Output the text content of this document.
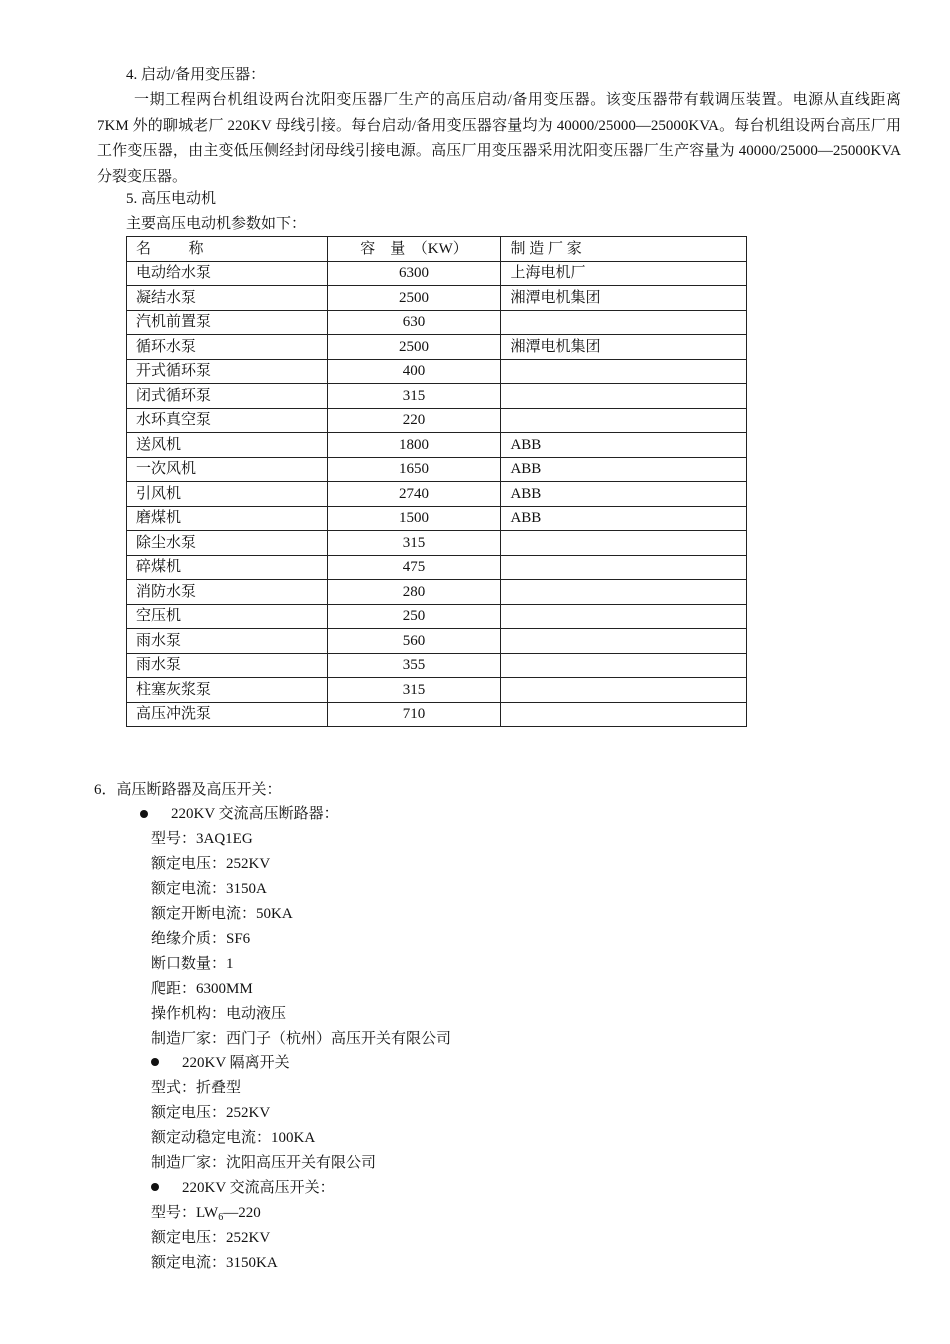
4. 启动/备用变压器：
一期工程两台机组设两台沈阳变压器厂生产的高压启动/备用变压器。该变压器带有载调压装置。电源从直线距离 7KM 外的聊城老厂 220KV 母线引接。每台启动/备用变压器容量均为 40000/25000—25000KVA。每台机组设两台高压厂用工作变压器，由主变低压侧经封闭母线引接电源。高压厂用变压器采用沈阳变压器厂生产容量为 40000/25000—25000KVA 分裂变压器。
5. 高压电动机
主要高压电动机参数如下：
名          称	容    量  （KW）	制 造 厂 家
电动给水泵	6300	上海电机厂
凝结水泵	2500	湘潭电机集团
汽机前置泵	630	
循环水泵	2500	湘潭电机集团
开式循环泵	400	
闭式循环泵	315	
水环真空泵	220	
送风机	1800	ABB
一次风机	1650	ABB
引风机	2740	ABB
磨煤机	1500	ABB
除尘水泵	315	
碎煤机	475	
消防水泵	280	
空压机	250	
雨水泵	560	
雨水泵	355	
柱塞灰浆泵	315	
高压冲洗泵	710	
6．高压断路器及高压开关：
220KV 交流高压断路器：
型号：3AQ1EG
额定电压：252KV
额定电流：3150A
额定开断电流：50KA
绝缘介质：SF6
断口数量：1
爬距：6300MM
操作机构：电动液压
制造厂家：西门子（杭州）高压开关有限公司
220KV 隔离开关
型式：折叠型
额定电压：252KV
额定动稳定电流：100KA
制造厂家：沈阳高压开关有限公司
220KV 交流高压开关：
型号：$LW_6—220$
额定电压：252KV
额定电流：3150KA
